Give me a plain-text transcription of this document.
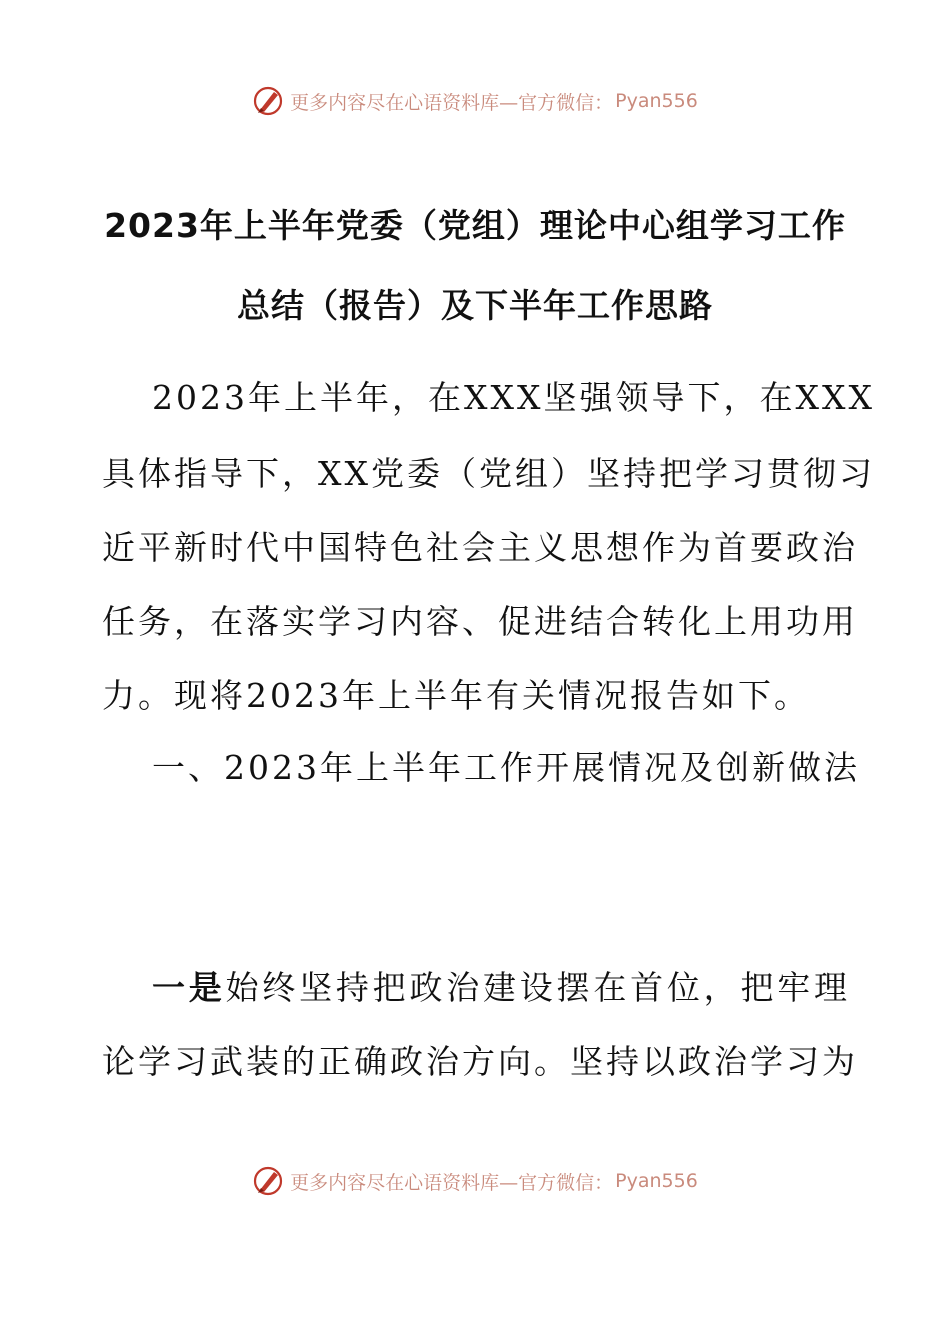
更多内容尽在心语资料库—官方微信： Pyan556
2023年上半年党委（党组）理论中心组学习工作
总结（报告）及下半年工作思路
2023年上半年，在XXX坚强领导下，在XXX
具体指导下，XX党委（党组）坚持把学习贯彻习
近平新时代中国特色社会主义思想作为首要政治
任务，在落实学习内容、促进结合转化上用功用
力。现将2023年上半年有关情况报告如下。
一、2023年上半年工作开展情况及创新做法
一是始终坚持把政治建设摆在首位，把牢理
论学习武装的正确政治方向。坚持以政治学习为
更多内容尽在心语资料库—官方微信： Pyan556
